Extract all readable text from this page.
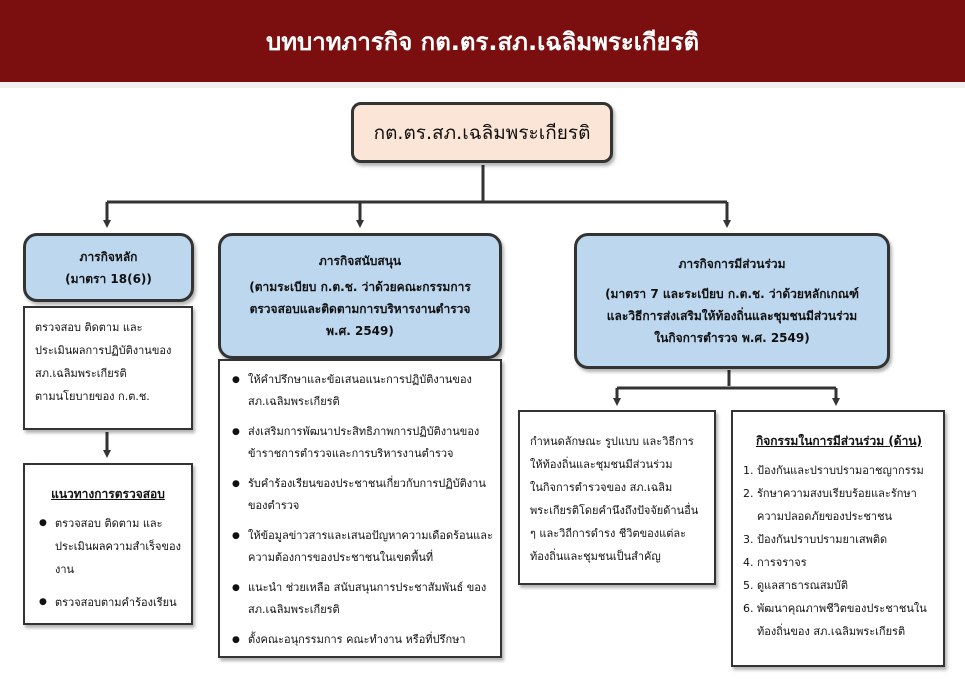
บทบาทภารกิจ กต.ตร.สภ.เฉลิมพระเกียรติ
กต.ตร.สภ.เฉลิมพระเกียรติ
ภารกิจหลัก
(มาตรา 18(6))

ตรวจสอบ ติดตาม และ

ประเมินผลการปฏิบัติงานของ

สภ.เฉลิมพระเกียรติ

ตามนโยบายของ ก.ต.ช.

แนวทางการตรวจสอบ
● ตรวจสอบ ติดตาม และประเมินผลความสำเร็จของงาน
● ตรวจสอบตามคำร้องเรียน
ภารกิจสนับสนุน
(ตามระเบียบ ก.ต.ช. ว่าด้วยคณะกรรมการ
ตรวจสอบและติดตามการบริหารงานตำรวจ
พ.ศ. 2549)
● ให้คำปรึกษาและข้อเสนอแนะการปฏิบัติงานของ สภ.เฉลิมพระเกียรติ
● ส่งเสริมการพัฒนาประสิทธิภาพการปฏิบัติงานของข้าราชการตำรวจและการบริหารงานตำรวจ
● รับคำร้องเรียนของประชาชนเกี่ยวกับการปฏิบัติงาน ของตำรวจ
● ให้ข้อมูลข่าวสารและเสนอปัญหาความเดือดร้อนและความต้องการของประชาชนในเขตพื้นที่
● แนะนำ ช่วยเหลือ สนับสนุนการประชาสัมพันธ์ ของ สภ.เฉลิมพระเกียรติ
● ตั้งคณะอนุกรรมการ คณะทำงาน หรือที่ปรึกษา
ภารกิจการมีส่วนร่วม
(มาตรา 7 และระเบียบ ก.ต.ช. ว่าด้วยหลักเกณฑ์
และวิธีการส่งเสริมให้ท้องถิ่นและชุมชนมีส่วนร่วม
ในกิจการตำรวจ พ.ศ. 2549)
กำหนดลักษณะ รูปแบบ และวิธีการ
ให้ท้องถิ่นและชุมชนมีส่วนร่วม
ในกิจการตำรวจของ สภ.เฉลิม
พระเกียรติโดยคำนึงถึงปัจจัยด้านอื่น
ๆ และวิถีการดำรง ชีวิตของแต่ละ
ท้องถิ่นและชุมชนเป็นสำคัญ
กิจกรรมในการมีส่วนร่วม (ด้าน)
1. ป้องกันและปราบปรามอาชญากรรม
2. รักษาความสงบเรียบร้อยและรักษาความปลอดภัยของประชาชน
3. ป้องกันปราบปรามยาเสพติด
4. การจราจร
5. ดูแลสาธารณสมบัติ
6. พัฒนาคุณภาพชีวิตของประชาชนในท้องถิ่นของ สภ.เฉลิมพระเกียรติ
